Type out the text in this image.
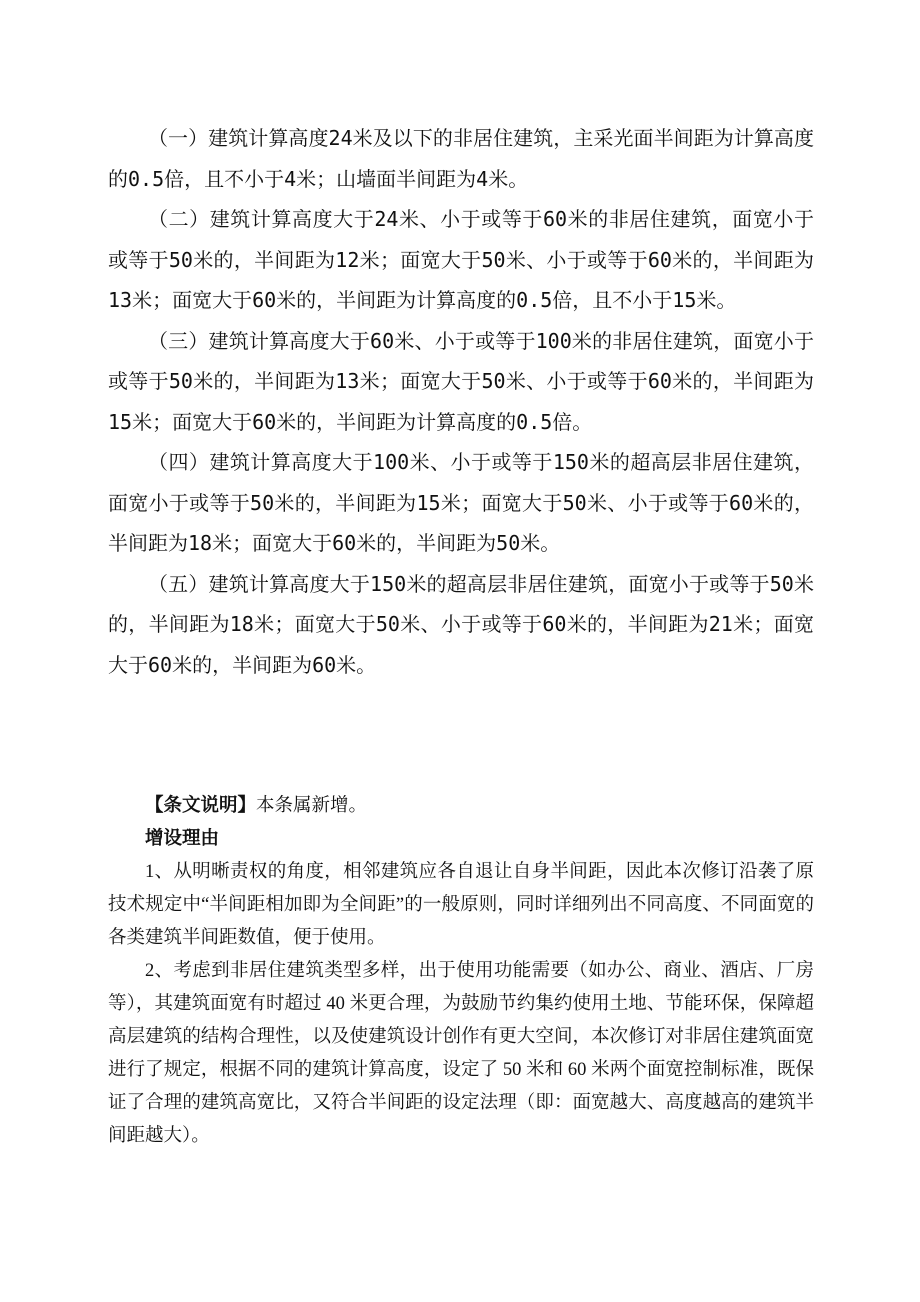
（一）建筑计算高度24米及以下的非居住建筑，主采光面半间距为计算高度的0.5倍，且不小于4米；山墙面半间距为4米。

（二）建筑计算高度大于24米、小于或等于60米的非居住建筑，面宽小于或等于50米的，半间距为12米；面宽大于50米、小于或等于60米的，半间距为13米；面宽大于60米的，半间距为计算高度的0.5倍，且不小于15米。

（三）建筑计算高度大于60米、小于或等于100米的非居住建筑，面宽小于或等于50米的，半间距为13米；面宽大于50米、小于或等于60米的，半间距为15米；面宽大于60米的，半间距为计算高度的0.5倍。

（四）建筑计算高度大于100米、小于或等于150米的超高层非居住建筑，面宽小于或等于50米的，半间距为15米；面宽大于50米、小于或等于60米的，半间距为18米；面宽大于60米的，半间距为50米。

（五）建筑计算高度大于150米的超高层非居住建筑，面宽小于或等于50米的，半间距为18米；面宽大于50米、小于或等于60米的，半间距为21米；面宽大于60米的，半间距为60米。

【条文说明】本条属新增。

增设理由

1、从明晰责权的角度，相邻建筑应各自退让自身半间距，因此本次修订沿袭了原技术规定中“半间距相加即为全间距”的一般原则，同时详细列出不同高度、不同面宽的各类建筑半间距数值，便于使用。

2、考虑到非居住建筑类型多样，出于使用功能需要（如办公、商业、酒店、厂房等），其建筑面宽有时超过 40 米更合理，为鼓励节约集约使用土地、节能环保，保障超高层建筑的结构合理性，以及使建筑设计创作有更大空间，本次修订对非居住建筑面宽进行了规定，根据不同的建筑计算高度，设定了 50 米和 60 米两个面宽控制标准，既保证了合理的建筑高宽比，又符合半间距的设定法理（即：面宽越大、高度越高的建筑半间距越大）。
